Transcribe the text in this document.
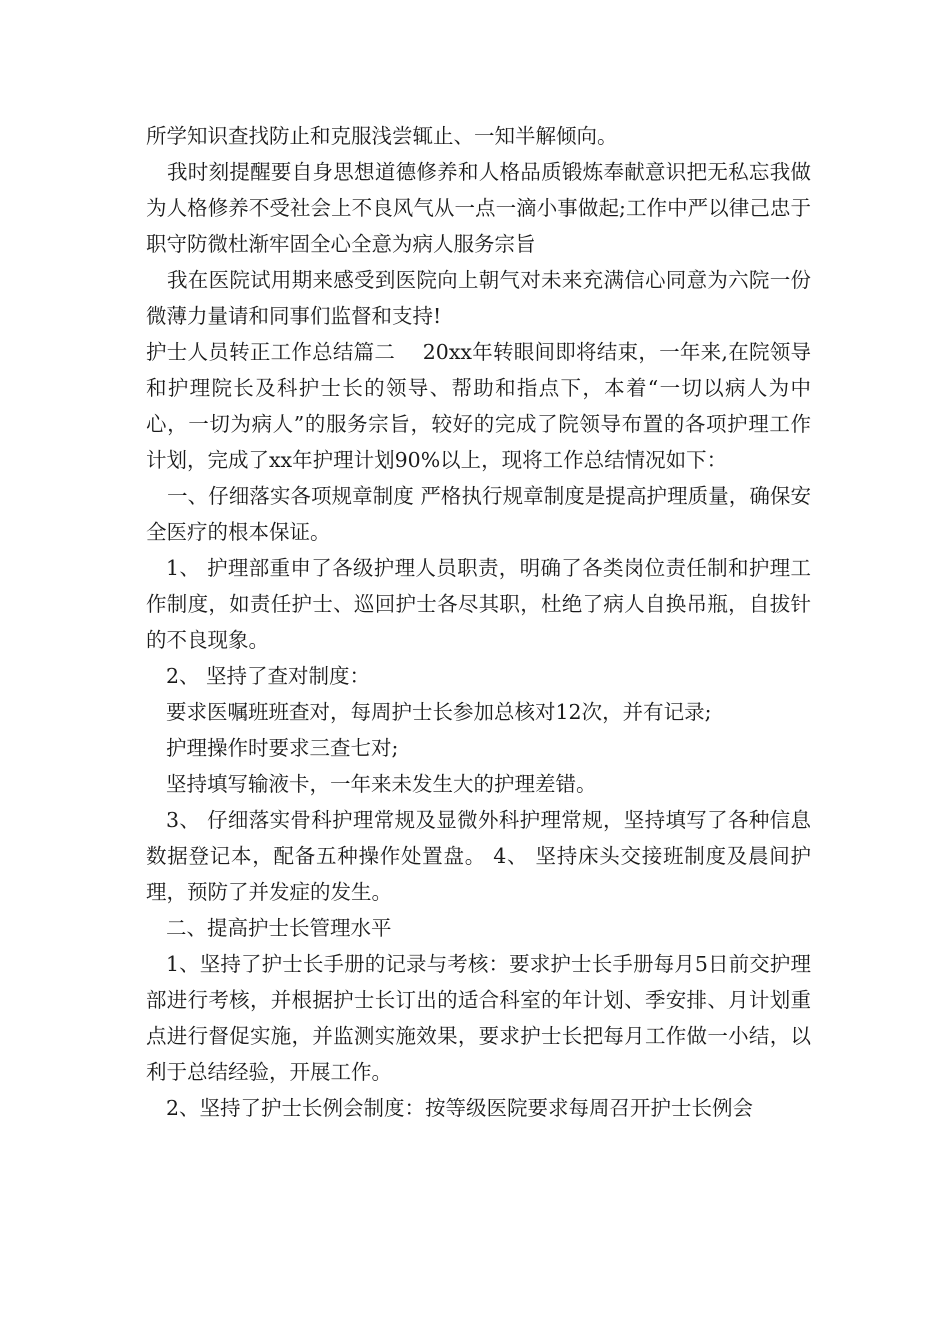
所学知识查找防止和克服浅尝辄止、一知半解倾向。

我时刻提醒要自身思想道德修养和人格品质锻炼奉献意识把无私忘我做为人格修养不受社会上不良风气从一点一滴小事做起;工作中严以律己忠于职守防微杜渐牢固全心全意为病人服务宗旨

我在医院试用期来感受到医院向上朝气对未来充满信心同意为六院一份微薄力量请和同事们监督和支持!

护士人员转正工作总结篇二　 20xx年转眼间即将结束，一年来,在院领导和护理院长及科护士长的领导、帮助和指点下，本着“一切以病人为中心，一切为病人”的服务宗旨，较好的完成了院领导布置的各项护理工作计划，完成了xx年护理计划90%以上，现将工作总结情况如下：

一、仔细落实各项规章制度 严格执行规章制度是提高护理质量，确保安全医疗的根本保证。

1、 护理部重申了各级护理人员职责，明确了各类岗位责任制和护理工作制度，如责任护士、巡回护士各尽其职，杜绝了病人自换吊瓶，自拔针的不良现象。

2、 坚持了查对制度：

要求医嘱班班查对，每周护士长参加总核对12次，并有记录;

护理操作时要求三查七对;

坚持填写输液卡，一年来未发生大的护理差错。

3、 仔细落实骨科护理常规及显微外科护理常规，坚持填写了各种信息数据登记本，配备五种操作处置盘。 4、 坚持床头交接班制度及晨间护理，预防了并发症的发生。

二、提高护士长管理水平

1、坚持了护士长手册的记录与考核：要求护士长手册每月5日前交护理部进行考核，并根据护士长订出的适合科室的年计划、季安排、月计划重点进行督促实施，并监测实施效果，要求护士长把每月工作做一小结，以利于总结经验，开展工作。

2、坚持了护士长例会制度：按等级医院要求每周召开护士长例会
